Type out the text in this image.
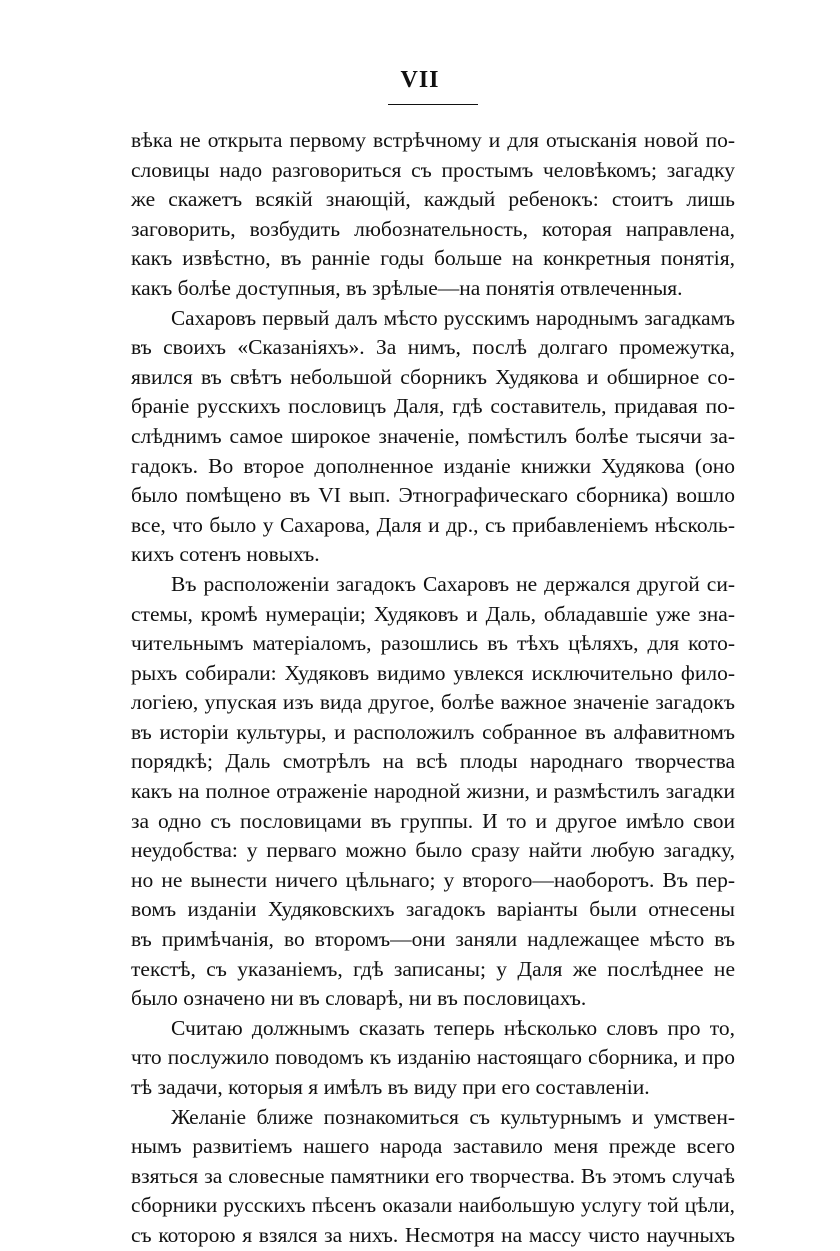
VII
вѣка не открыта первому встрѣчному и для отысканія новой по-
словицы надо разговориться съ простымъ человѣкомъ; загадку
же скажетъ всякій знающій, каждый ребенокъ: стоитъ лишь
заговорить, возбудить любознательность, которая направлена,
какъ извѣстно, въ ранніе годы больше на конкретныя понятія,
какъ болѣе доступныя, въ зрѣлые—на понятія отвлеченныя.
Сахаровъ первый далъ мѣсто русскимъ народнымъ загадкамъ
въ своихъ «Сказаніяхъ». За нимъ, послѣ долгаго промежутка,
явился въ свѣтъ небольшой сборникъ Худякова и обширное со-
браніе русскихъ пословицъ Даля, гдѣ составитель, придавая по-
слѣднимъ самое широкое значеніе, помѣстилъ болѣе тысячи за-
гадокъ. Во второе дополненное изданіе книжки Худякова (оно
было помѣщено въ VI вып. Этнографическаго сборника) вошло
все, что было у Сахарова, Даля и др., съ прибавленіемъ нѣсколь-
кихъ сотенъ новыхъ.
Въ расположеніи загадокъ Сахаровъ не держался другой си-
стемы, кромѣ нумераціи; Худяковъ и Даль, обладавшіе уже зна-
чительнымъ матеріаломъ, разошлись въ тѣхъ цѣляхъ, для кото-
рыхъ собирали: Худяковъ видимо увлекся исключительно фило-
логіею, упуская изъ вида другое, болѣе важное значеніе загадокъ
въ исторіи культуры, и расположилъ собранное въ алфавитномъ
порядкѣ; Даль смотрѣлъ на всѣ плоды народнаго творчества
какъ на полное отраженіе народной жизни, и размѣстилъ загадки
за одно съ пословицами въ группы. И то и другое имѣло свои
неудобства: у перваго можно было сразу найти любую загадку,
но не вынести ничего цѣльнаго; у второго—наоборотъ. Въ пер-
вомъ изданіи Худяковскихъ загадокъ варіанты были отнесены
въ примѣчанія, во второмъ—они заняли надлежащее мѣсто въ
текстѣ, съ указаніемъ, гдѣ записаны; у Даля же послѣднее не
было означено ни въ словарѣ, ни въ пословицахъ.
Считаю должнымъ сказать теперь нѣсколько словъ про то,
что послужило поводомъ къ изданію настоящаго сборника, и про
тѣ задачи, которыя я имѣлъ въ виду при его составленіи.
Желаніе ближе познакомиться съ культурнымъ и умствен-
нымъ развитіемъ нашего народа заставило меня прежде всего
взяться за словесные памятники его творчества. Въ этомъ случаѣ
сборники русскихъ пѣсенъ оказали наибольшую услугу той цѣли,
съ которою я взялся за нихъ. Несмотря на массу чисто научныхъ
